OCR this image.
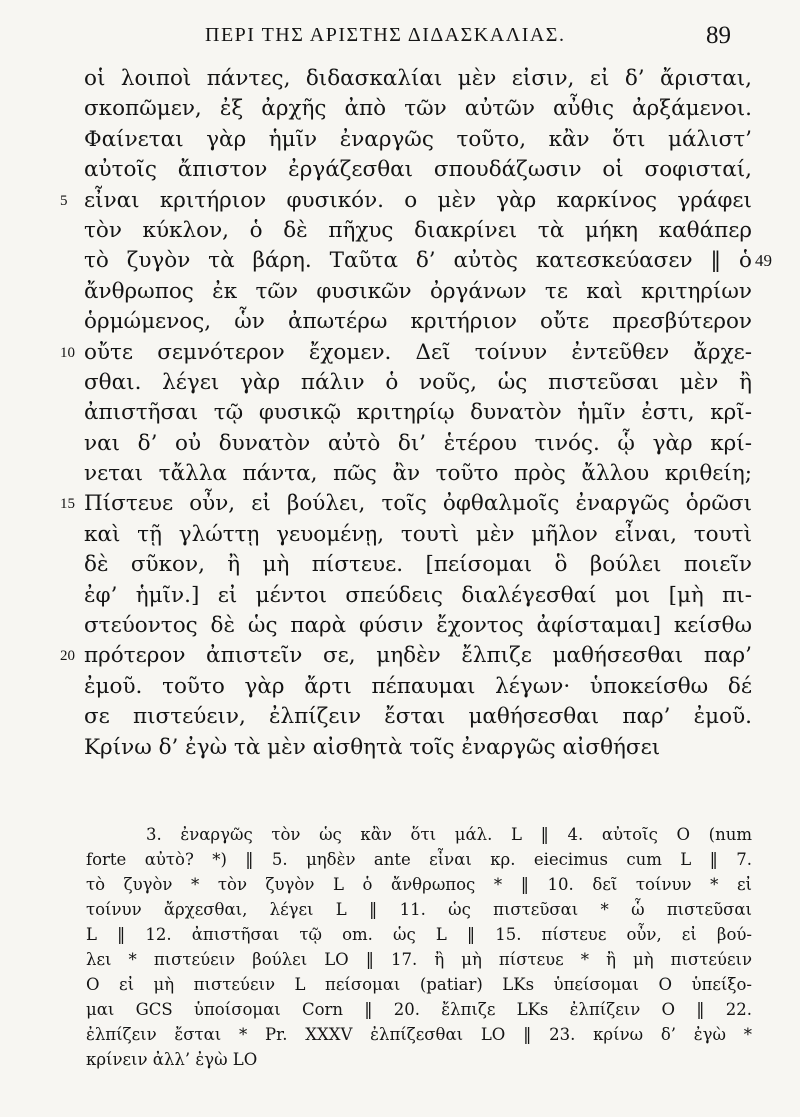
ΠΕΡΙ ΤΗΣ ΑΡΙΣΤΗΣ ΔΙΔΑΣΚΑΛΙΑΣ.	89
οἱ λοιποὶ πάντες, διδασκαλίαι μὲν εἰσιν, εἰ δ’ ἄρισται,
σκοπῶμεν, ἐξ ἀρχῆς ἀπὸ τῶν αὐτῶν αὖθις ἀρξάμενοι.
Φαίνεται γὰρ ἡμῖν ἐναργῶς τοῦτο, κἂν ὅτι μάλιστ’
αὐτοῖς ἄπιστον ἐργάζεσθαι σπουδάζωσιν οἱ σοφισταί,
5 εἶναι κριτήριον φυσικόν. ο μὲν γὰρ καρκίνος γράφει
τὸν κύκλον, ὁ δὲ πῆχυς διακρίνει τὰ μήκη καθάπερ
τὸ ζυγὸν τὰ βάρη. Ταῦτα δ’ αὐτὸς κατεσκεύασεν ‖ ὁ 49
ἄνθρωπος ἐκ τῶν φυσικῶν ὀργάνων τε καὶ κριτηρίων
ὁρμώμενος, ὧν ἀπωτέρω κριτήριον οὔτε πρεσβύτερον
10 οὔτε σεμνότερον ἔχομεν. Δεῖ τοίνυν ἐντεῦθεν ἄρχε-
σθαι. λέγει γὰρ πάλιν ὁ νοῦς, ὡς πιστεῦσαι μὲν ἢ
ἀπιστῆσαι τῷ φυσικῷ κριτηρίῳ δυνατὸν ἡμῖν ἐστι, κρῖ-
ναι δ’ οὐ δυνατὸν αὐτὸ δι’ ἑτέρου τινός. ᾧ γὰρ κρί-
νεται τἄλλα πάντα, πῶς ἂν τοῦτο πρὸς ἄλλου κριθείη;
15 Πίστευε οὖν, εἰ βούλει, τοῖς ὀφθαλμοῖς ἐναργῶς ὁρῶσι
καὶ τῇ γλώττῃ γευομένῃ, τουτὶ μὲν μῆλον εἶναι, τουτὶ
δὲ σῦκον, ἢ μὴ πίστευε. [πείσομαι ὃ βούλει ποιεῖν
ἐφ’ ἡμῖν.] εἰ μέντοι σπεύδεις διαλέγεσθαί μοι [μὴ πι-
στεύοντος δὲ ὡς παρὰ φύσιν ἔχοντος ἀφίσταμαι] κείσθω
20 πρότερον ἀπιστεῖν σε, μηδὲν ἔλπιζε μαθήσεσθαι παρ’
ἐμοῦ. τοῦτο γὰρ ἄρτι πέπαυμαι λέγων· ὑποκείσθω δέ
σε πιστεύειν, ἐλπίζειν ἔσται μαθήσεσθαι παρ’ ἐμοῦ.
Κρίνω δ’ ἐγὼ τὰ μὲν αἰσθητὰ τοῖς ἐναργῶς αἰσθήσει
3. ἐναργῶς τὸν ὡς κἂν ὅτι μάλ. L ‖ 4. αὐτοῖς O (num
forte αὐτὸ? *) ‖ 5. μηδὲν ante εἶναι κρ. eiecimus cum L ‖ 7.
τὸ ζυγὸν * τὸν ζυγὸν L ὁ ἄνθρωπος * ‖ 10. δεῖ τοίνυν * εἰ
τοίνυν ἄρχεσθαι, λέγει L ‖ 11. ὡς πιστεῦσαι * ὧ πιστεῦσαι
L ‖ 12. ἀπιστῆσαι τῷ om. ὡς L ‖ 15. πίστευε οὖν, εἰ βού-
λει * πιστεύειν βούλει LO ‖ 17. ἢ μὴ πίστευε * ἢ μὴ πιστεύειν
O εἰ μὴ πιστεύειν L πείσομαι (patiar) LKs ὑπείσομαι O ὑπείξο-
μαι GCS ὑποίσομαι Corn ‖ 20. ἔλπιζε LKs ἐλπίζειν O ‖ 22.
ἐλπίζειν ἔσται * Pr. XXXV ἐλπίζεσθαι LO ‖ 23. κρίνω δ’ ἐγὼ *
κρίνειν ἀλλ’ ἐγὼ LO
